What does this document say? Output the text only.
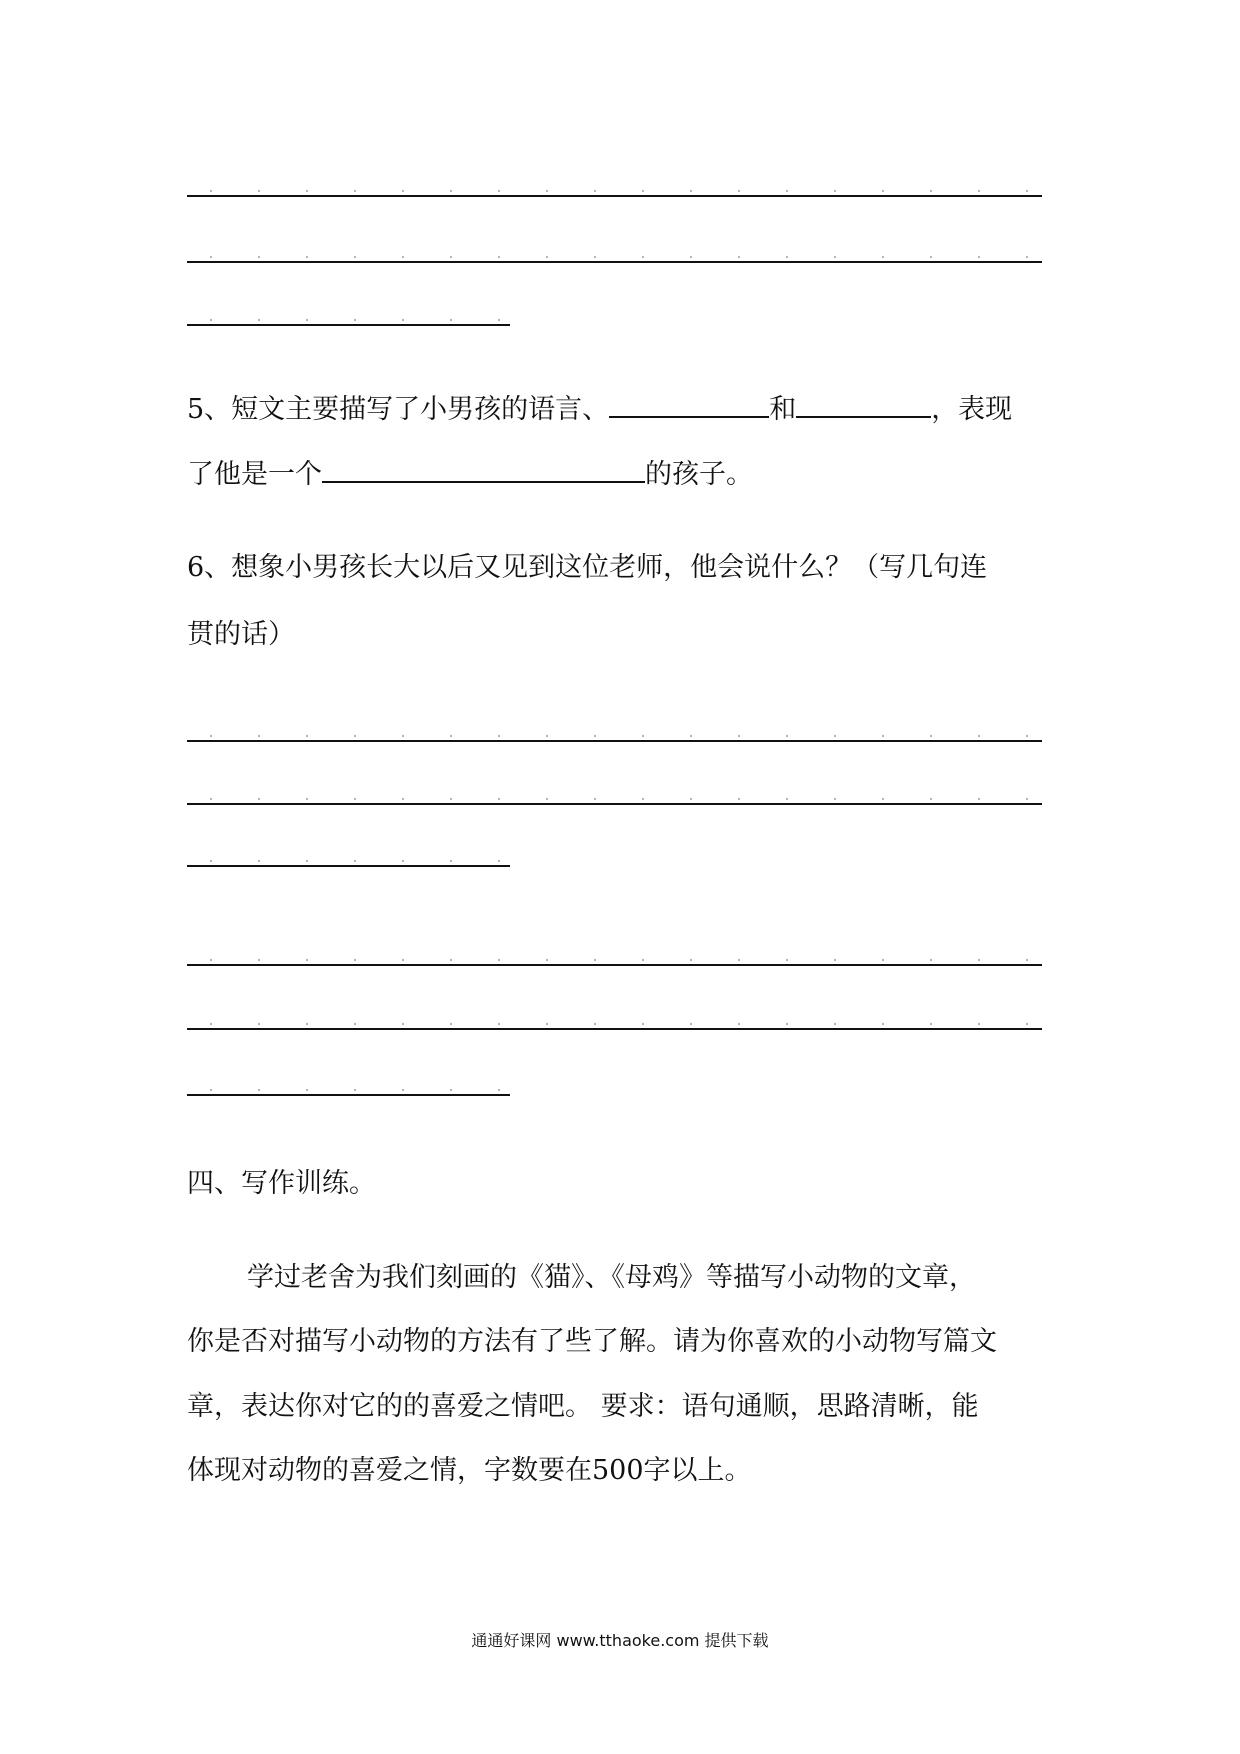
5、短文主要描写了小男孩的语言、	和	，表现
了他是一个	的孩子。
6、想象小男孩长大以后又见到这位老师，他会说什么？（写几句连
贯的话）
四、写作训练。
学过老舍为我们刻画的《猫》、《母鸡》等描写小动物的文章，
你是否对描写小动物的方法有了些了解。请为你喜欢的小动物写篇文
章，表达你对它的的喜爱之情吧。 要求：语句通顺，思路清晰，能
体现对动物的喜爱之情，字数要在500字以上。
通通好课网 www.tthaoke.com 提供下载
